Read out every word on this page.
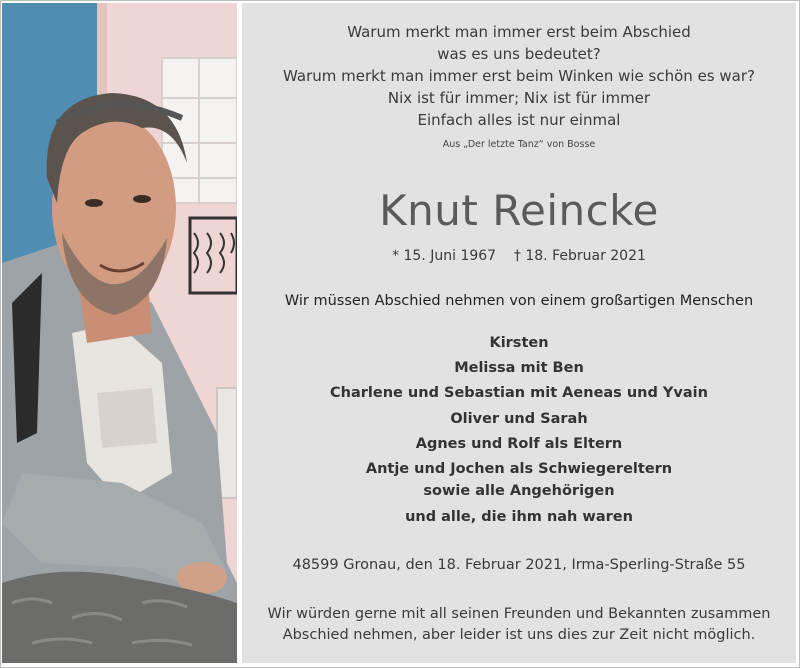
Warum merkt man immer erst beim Abschied
was es uns bedeutet?
Warum merkt man immer erst beim Winken wie schön es war?
Nix ist für immer; Nix ist für immer
Einfach alles ist nur einmal
Aus „Der letzte Tanz“ von Bosse
Knut Reincke
* 15. Juni 1967 † 18. Februar 2021
Wir müssen Abschied nehmen von einem großartigen Menschen
Kirsten
Melissa mit Ben
Charlene und Sebastian mit Aeneas und Yvain
Oliver und Sarah
Agnes und Rolf als Eltern
Antje und Jochen als Schwiegereltern
sowie alle Angehörigen
und alle, die ihm nah waren
48599 Gronau, den 18. Februar 2021, Irma-Sperling-Straße 55
Wir würden gerne mit all seinen Freunden und Bekannten zusammen
Abschied nehmen, aber leider ist uns dies zur Zeit nicht möglich.
